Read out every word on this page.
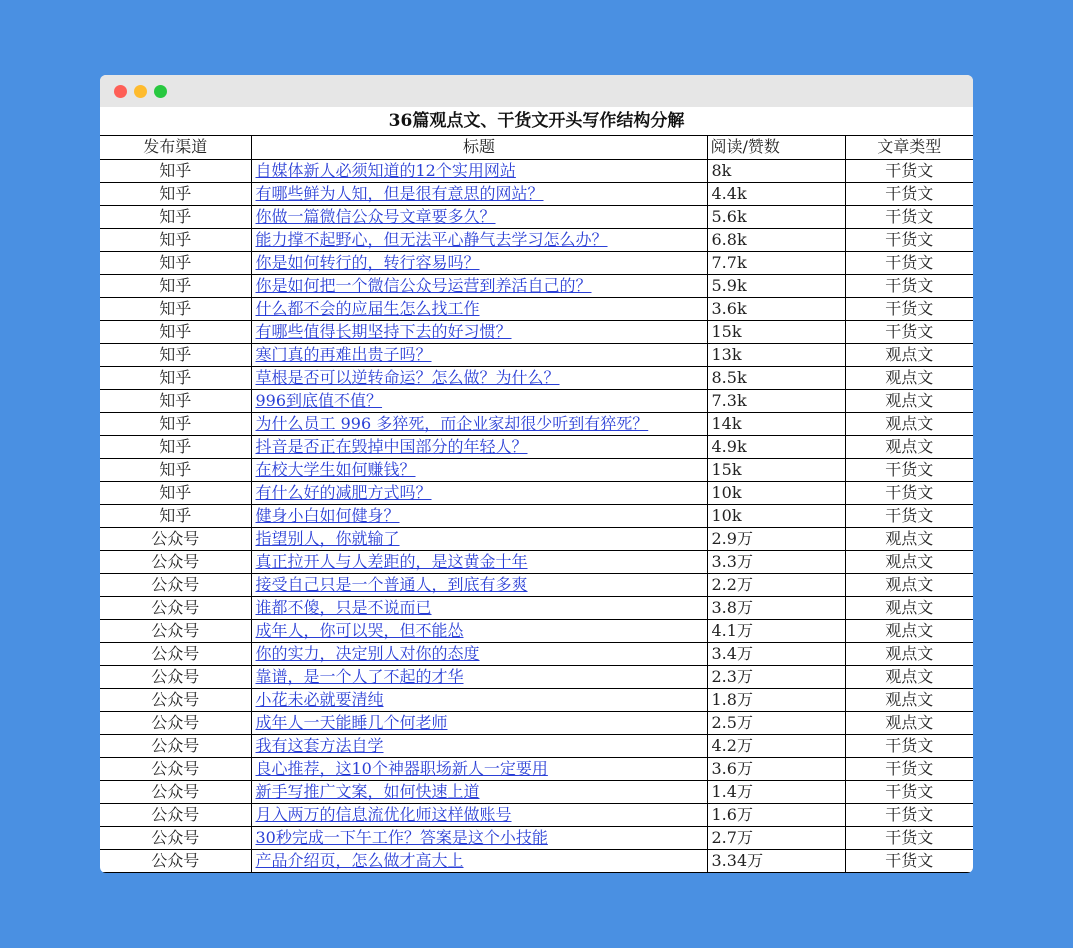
36篇观点文、干货文开头写作结构分解
发布渠道	标题	阅读/赞数	文章类型
知乎	自媒体新人必须知道的12个实用网站	8k	干货文
知乎	有哪些鲜为人知，但是很有意思的网站？	4.4k	干货文
知乎	你做一篇微信公众号文章要多久？	5.6k	干货文
知乎	能力撑不起野心，但无法平心静气去学习怎么办？	6.8k	干货文
知乎	你是如何转行的，转行容易吗？	7.7k	干货文
知乎	你是如何把一个微信公众号运营到养活自己的？	5.9k	干货文
知乎	什么都不会的应届生怎么找工作	3.6k	干货文
知乎	有哪些值得长期坚持下去的好习惯？	15k	干货文
知乎	寒门真的再难出贵子吗？	13k	观点文
知乎	草根是否可以逆转命运？怎么做？为什么？	8.5k	观点文
知乎	996到底值不值？	7.3k	观点文
知乎	为什么员工 996 多猝死，而企业家却很少听到有猝死？	14k	观点文
知乎	抖音是否正在毁掉中国部分的年轻人？	4.9k	观点文
知乎	在校大学生如何赚钱？	15k	干货文
知乎	有什么好的减肥方式吗？	10k	干货文
知乎	健身小白如何健身？	10k	干货文
公众号	指望别人，你就输了	2.9万	观点文
公众号	真正拉开人与人差距的，是这黄金十年	3.3万	观点文
公众号	接受自己只是一个普通人，到底有多爽	2.2万	观点文
公众号	谁都不傻，只是不说而已	3.8万	观点文
公众号	成年人，你可以哭，但不能怂	4.1万	观点文
公众号	你的实力，决定别人对你的态度	3.4万	观点文
公众号	靠谱，是一个人了不起的才华	2.3万	观点文
公众号	小花未必就要清纯	1.8万	观点文
公众号	成年人一天能睡几个何老师	2.5万	观点文
公众号	我有这套方法自学	4.2万	干货文
公众号	良心推荐，这10个神器职场新人一定要用	3.6万	干货文
公众号	新手写推广文案，如何快速上道	1.4万	干货文
公众号	月入两万的信息流优化师这样做账号	1.6万	干货文
公众号	30秒完成一下午工作？答案是这个小技能	2.7万	干货文
公众号	产品介绍页，怎么做才高大上	3.34万	干货文
